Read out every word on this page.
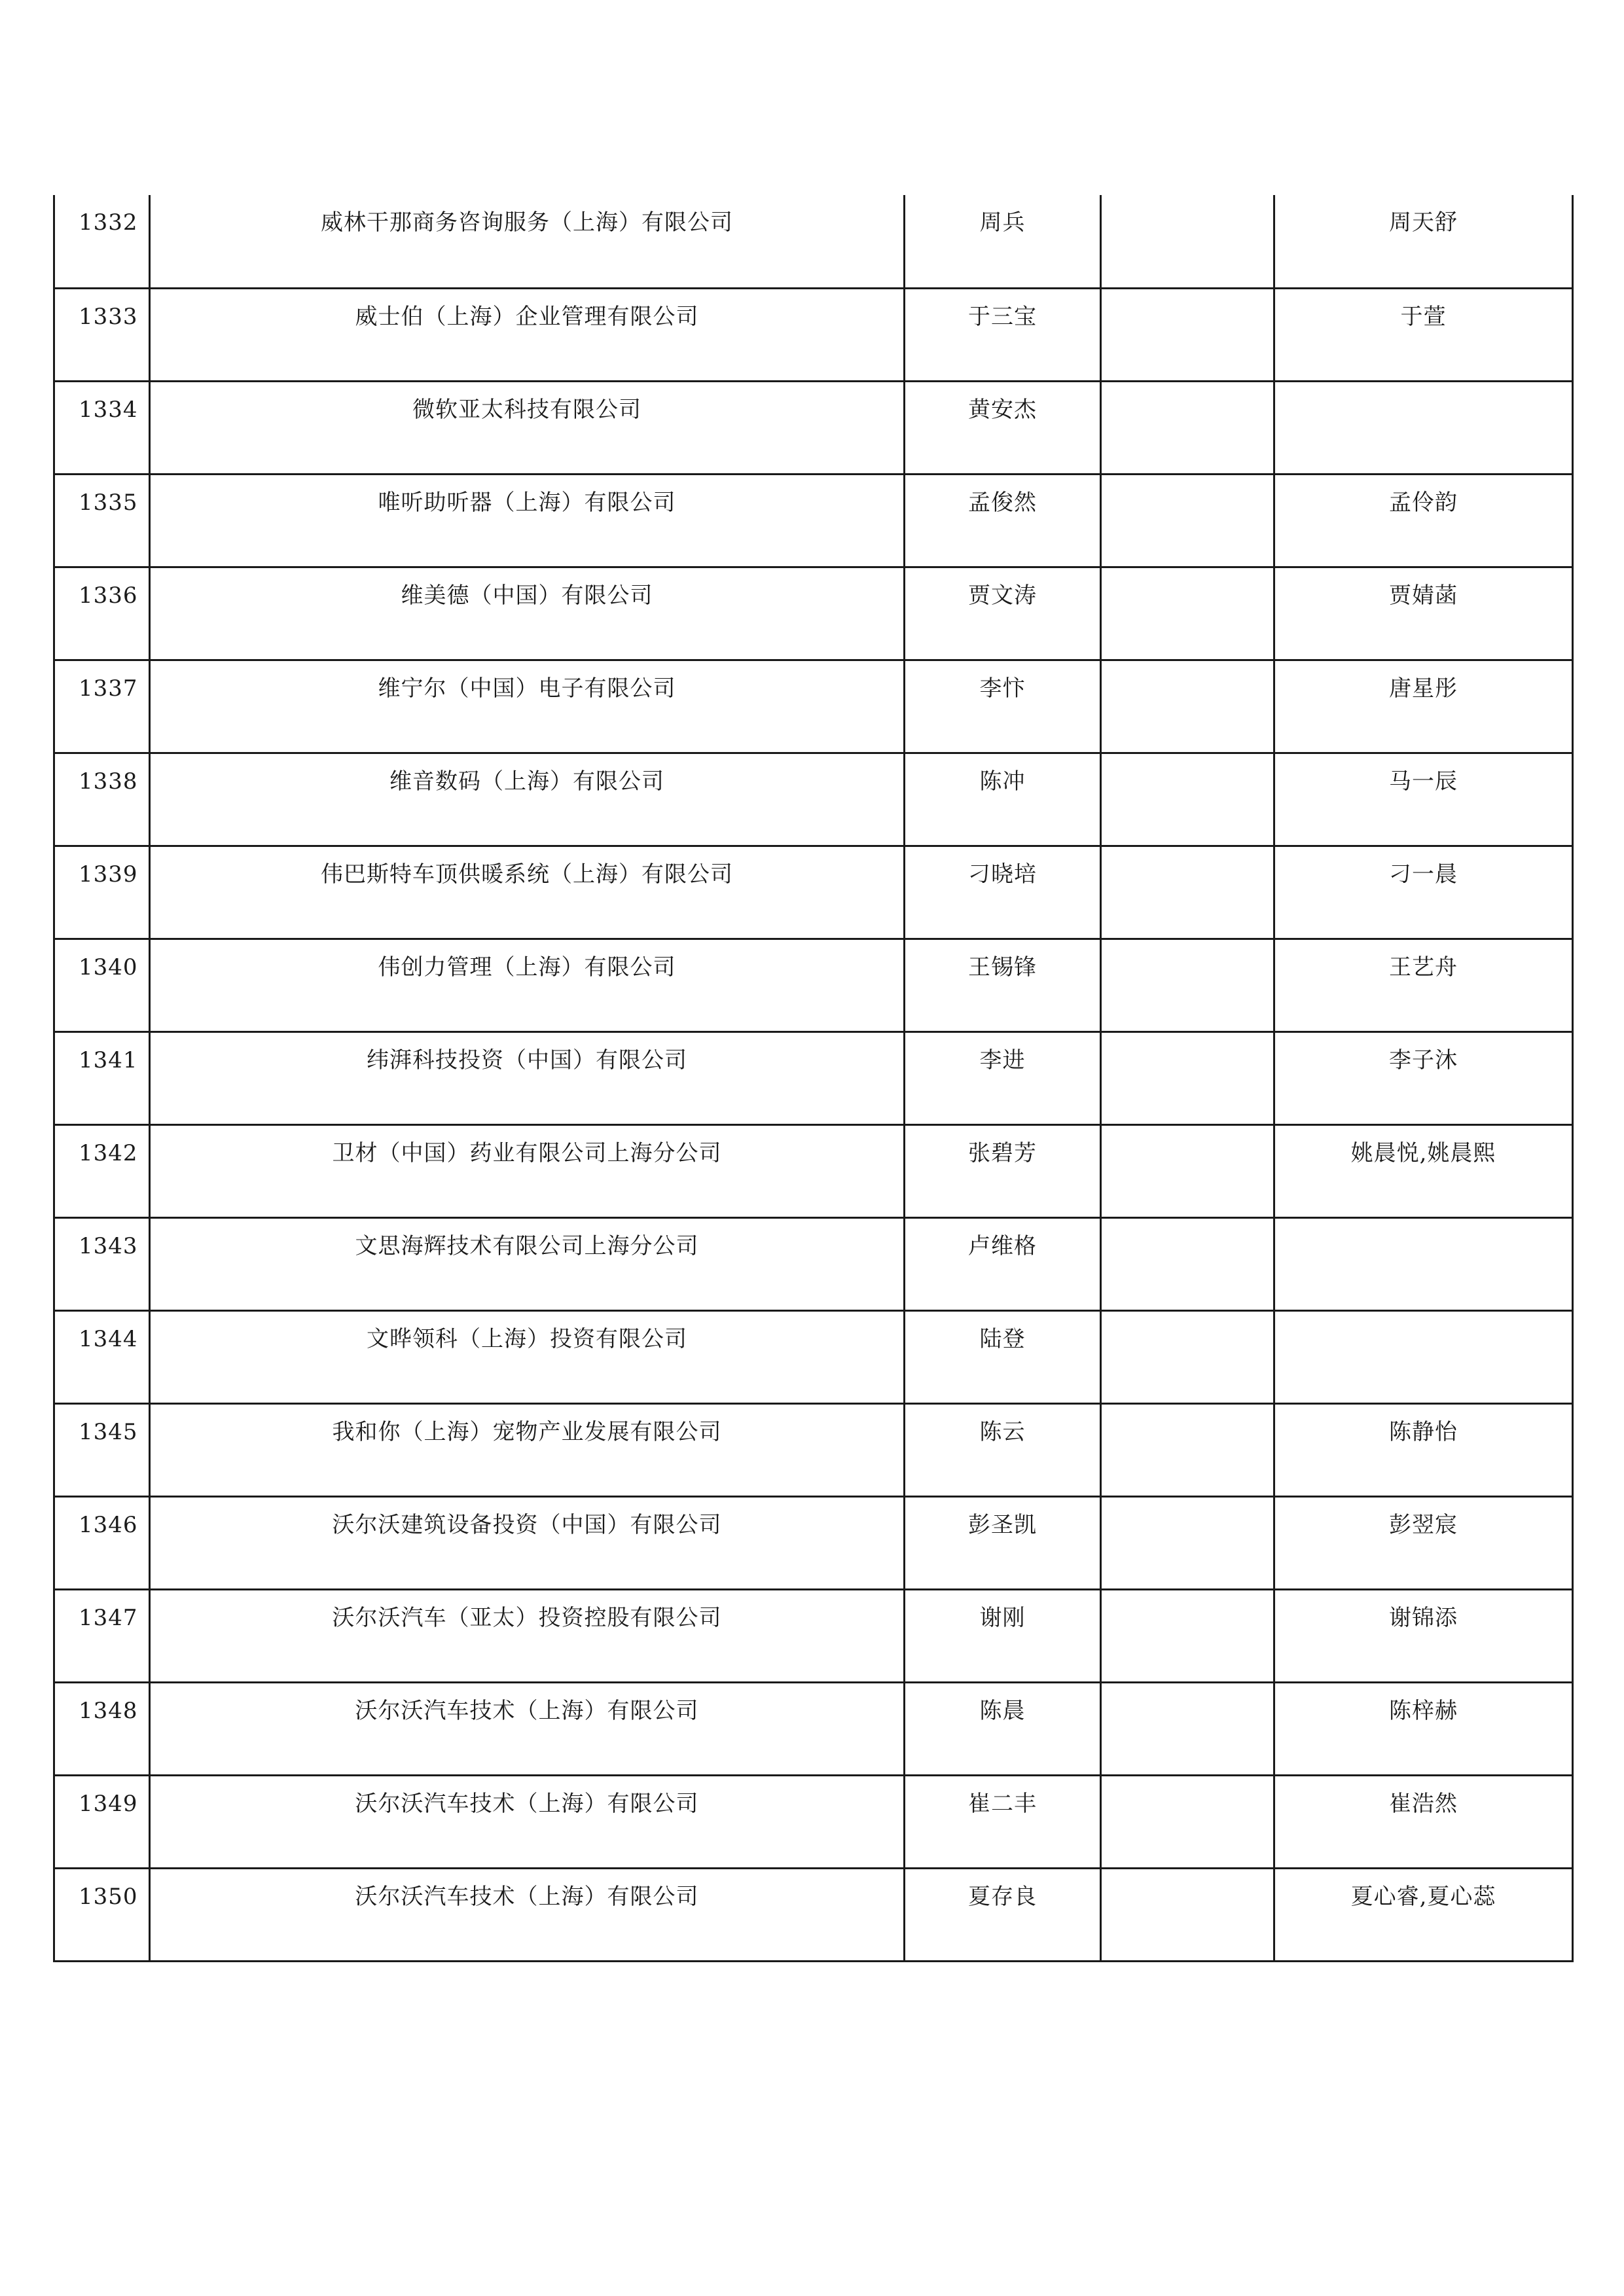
1332	威林干那商务咨询服务（上海）有限公司	周兵		周天舒
1333	威士伯（上海）企业管理有限公司	于三宝		于萱
1334	微软亚太科技有限公司	黄安杰		
1335	唯听助听器（上海）有限公司	孟俊然		孟伶韵
1336	维美德（中国）有限公司	贾文涛		贾婧菡
1337	维宁尔（中国）电子有限公司	李忭		唐星彤
1338	维音数码（上海）有限公司	陈冲		马一辰
1339	伟巴斯特车顶供暖系统（上海）有限公司	刁晓培		刁一晨
1340	伟创力管理（上海）有限公司	王锡锋		王艺舟
1341	纬湃科技投资（中国）有限公司	李进		李子沐
1342	卫材（中国）药业有限公司上海分公司	张碧芳		姚晨悦,姚晨熙
1343	文思海辉技术有限公司上海分公司	卢维格		
1344	文晔领科（上海）投资有限公司	陆登		
1345	我和你（上海）宠物产业发展有限公司	陈云		陈静怡
1346	沃尔沃建筑设备投资（中国）有限公司	彭圣凯		彭翌宸
1347	沃尔沃汽车（亚太）投资控股有限公司	谢刚		谢锦添
1348	沃尔沃汽车技术（上海）有限公司	陈晨		陈梓赫
1349	沃尔沃汽车技术（上海）有限公司	崔二丰		崔浩然
1350	沃尔沃汽车技术（上海）有限公司	夏存良		夏心睿,夏心蕊
